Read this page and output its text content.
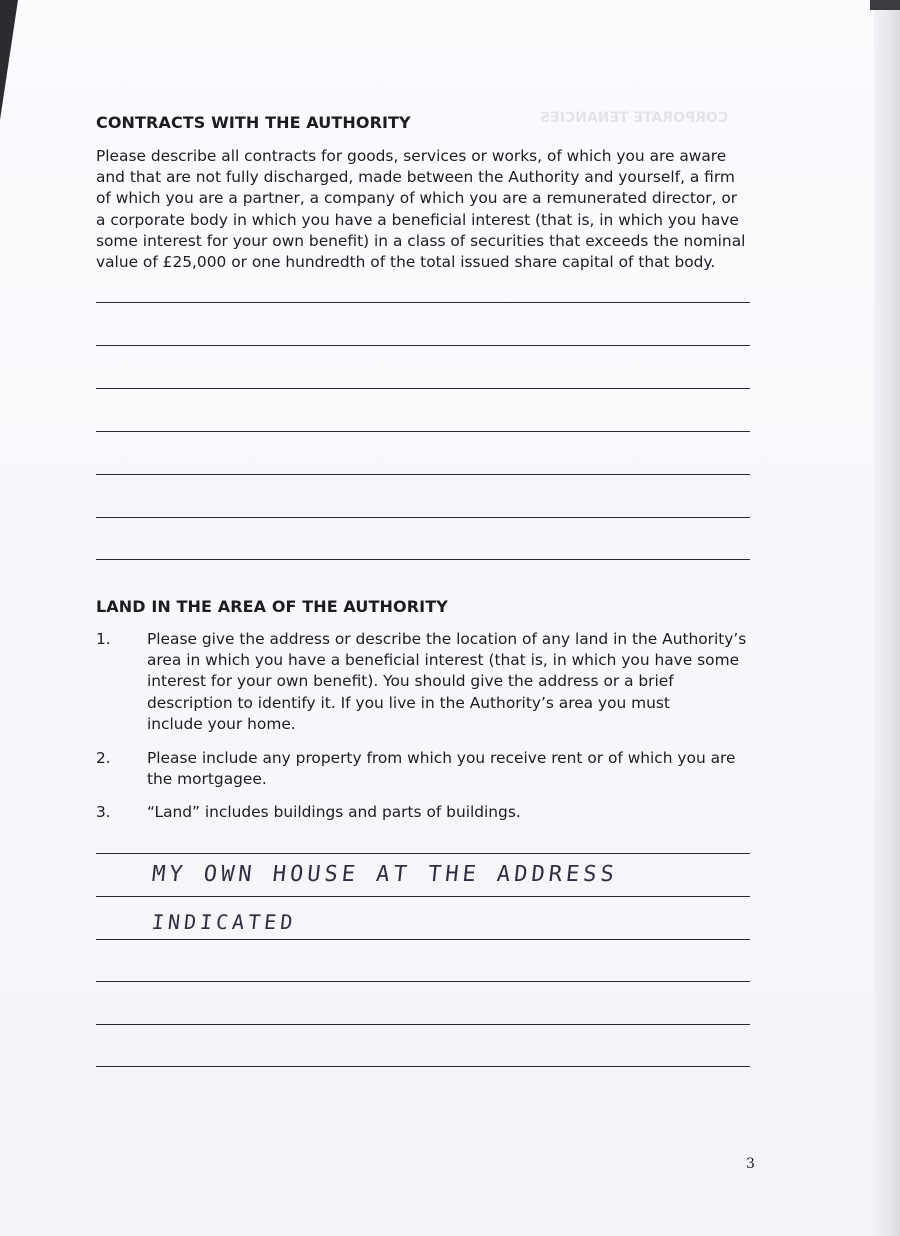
CORPORATE TENANCIES
CONTRACTS WITH THE AUTHORITY
Please describe all contracts for goods, services or works, of which you are aware
and that are not fully discharged, made between the Authority and yourself, a firm
of which you are a partner, a company of which you are a remunerated director, or
a corporate body in which you have a beneficial interest (that is, in which you have
some interest for your own benefit) in a class of securities that exceeds the nominal
value of £25,000 or one hundredth of the total issued share capital of that body.
LAND IN THE AREA OF THE AUTHORITY
1. Please give the address or describe the location of any land in the Authority’s
area in which you have a beneficial interest (that is, in which you have some
interest for your own benefit). You should give the address or a brief
description to identify it. If you live in the Authority’s area you must
include your home.
2. Please include any property from which you receive rent or of which you are
the mortgagee.
3. “Land” includes buildings and parts of buildings.
MY OWN HOUSE AT THE ADDRESS
INDICATED
3
